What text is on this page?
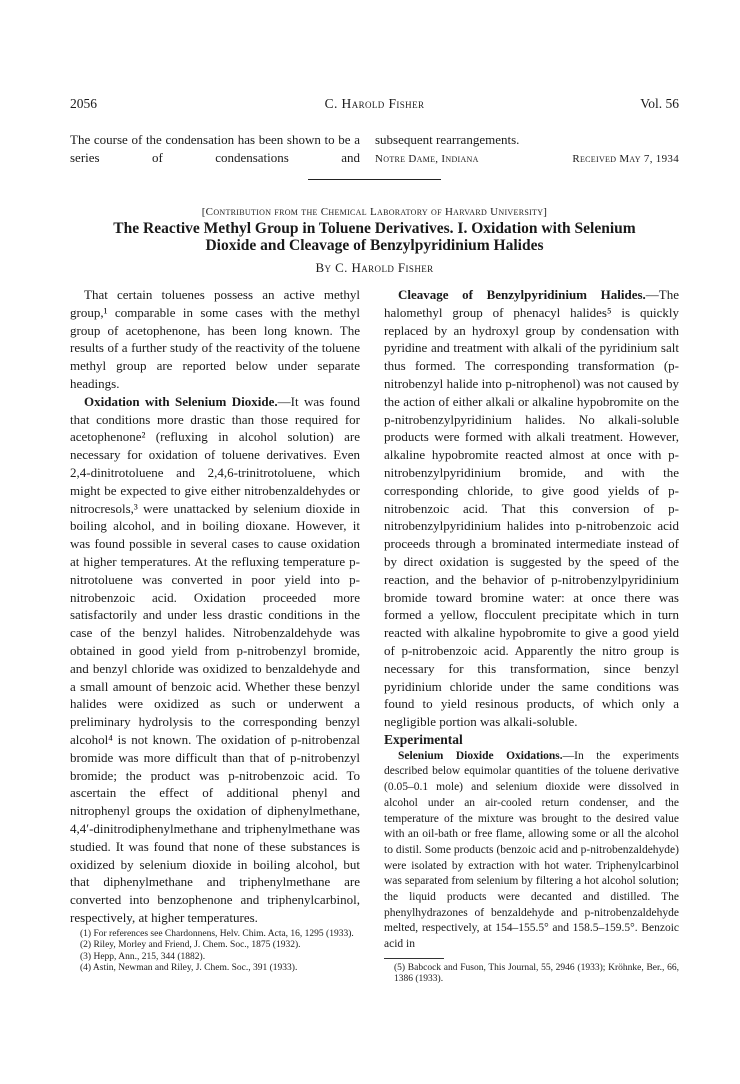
2056	C. Harold Fisher	Vol. 56
The course of the condensation has been shown to be a series of condensations and
subsequent rearrangements.
Notre Dame, Indiana	Received May 7, 1934
[Contribution from the Chemical Laboratory of Harvard University]
The Reactive Methyl Group in Toluene Derivatives. I. Oxidation with Selenium
Dioxide and Cleavage of Benzylpyridinium Halides
By C. Harold Fisher

That certain toluenes possess an active methyl group,¹ comparable in some cases with the methyl group of acetophenone, has been long known. The results of a further study of the reactivity of the toluene methyl group are reported below under separate headings.

Oxidation with Selenium Dioxide.—It was found that conditions more drastic than those required for acetophenone² (refluxing in alcohol solution) are necessary for oxidation of toluene derivatives. Even 2,4-dinitrotoluene and 2,4,6-trinitrotoluene, which might be expected to give either nitrobenzaldehydes or nitrocresols,³ were unattacked by selenium dioxide in boiling alcohol, and in boiling dioxane. However, it was found possible in several cases to cause oxidation at higher temperatures. At the refluxing temperature p-nitrotoluene was converted in poor yield into p-nitrobenzoic acid. Oxidation proceeded more satisfactorily and under less drastic conditions in the case of the benzyl halides. Nitrobenzaldehyde was obtained in good yield from p-nitrobenzyl bromide, and benzyl chloride was oxidized to benzaldehyde and a small amount of benzoic acid. Whether these benzyl halides were oxidized as such or underwent a preliminary hydrolysis to the corresponding benzyl alcohol⁴ is not known. The oxidation of p-nitrobenzal bromide was more difficult than that of p-nitrobenzyl bromide; the product was p-nitrobenzoic acid. To ascertain the effect of additional phenyl and nitrophenyl groups the oxidation of diphenylmethane, 4,4′-dinitrodiphenylmethane and triphenylmethane was studied. It was found that none of these substances is oxidized by selenium dioxide in boiling alcohol, but that diphenylmethane and triphenylmethane are converted into benzophenone and triphenylcarbinol, respectively, at higher temperatures.

(1) For references see Chardonnens, Helv. Chim. Acta, 16, 1295 (1933).

(2) Riley, Morley and Friend, J. Chem. Soc., 1875 (1932).

(3) Hepp, Ann., 215, 344 (1882).

(4) Astin, Newman and Riley, J. Chem. Soc., 391 (1933).

Cleavage of Benzylpyridinium Halides.—The halomethyl group of phenacyl halides⁵ is quickly replaced by an hydroxyl group by condensation with pyridine and treatment with alkali of the pyridinium salt thus formed. The corresponding transformation (p-nitrobenzyl halide into p-nitrophenol) was not caused by the action of either alkali or alkaline hypobromite on the p-nitrobenzylpyridinium halides. No alkali-soluble products were formed with alkali treatment. However, alkaline hypobromite reacted almost at once with p-nitrobenzylpyridinium bromide, and with the corresponding chloride, to give good yields of p-nitrobenzoic acid. That this conversion of p-nitrobenzylpyridinium halides into p-nitrobenzoic acid proceeds through a brominated intermediate instead of by direct oxidation is suggested by the speed of the reaction, and the behavior of p-nitrobenzylpyridinium bromide toward bromine water: at once there was formed a yellow, flocculent precipitate which in turn reacted with alkaline hypobromite to give a good yield of p-nitrobenzoic acid. Apparently the nitro group is necessary for this transformation, since benzyl pyridinium chloride under the same conditions was found to yield resinous products, of which only a negligible portion was alkali-soluble.

Experimental

Selenium Dioxide Oxidations.—In the experiments described below equimolar quantities of the toluene derivative (0.05–0.1 mole) and selenium dioxide were dissolved in alcohol under an air-cooled return condenser, and the temperature of the mixture was brought to the desired value with an oil-bath or free flame, allowing some or all the alcohol to distil. Some products (benzoic acid and p-nitrobenzaldehyde) were isolated by extraction with hot water. Triphenylcarbinol was separated from selenium by filtering a hot alcohol solution; the liquid products were decanted and distilled. The phenylhydrazones of benzaldehyde and p-nitrobenzaldehyde melted, respectively, at 154–155.5° and 158.5–159.5°. Benzoic acid in

(5) Babcock and Fuson, This Journal, 55, 2946 (1933); Kröhnke, Ber., 66, 1386 (1933).
